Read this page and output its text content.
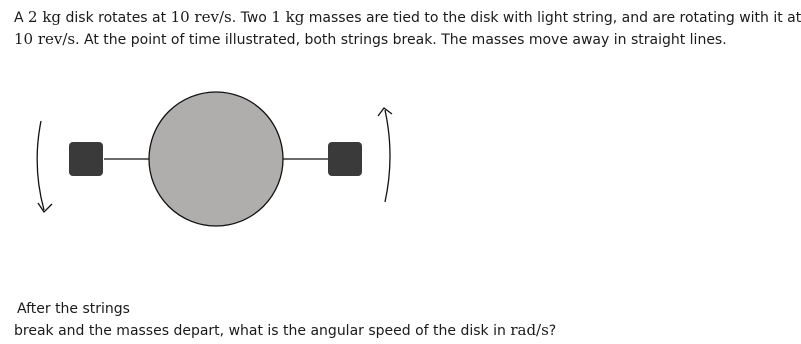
A 2 kg disk rotates at 10 rev/s. Two 1 kg masses are tied to the disk with light string, and are rotating with it at
10 rev/s. At the point of time illustrated, both strings break. The masses move away in straight lines.
After the strings
break and the masses depart, what is the angular speed of the disk in rad/s?
